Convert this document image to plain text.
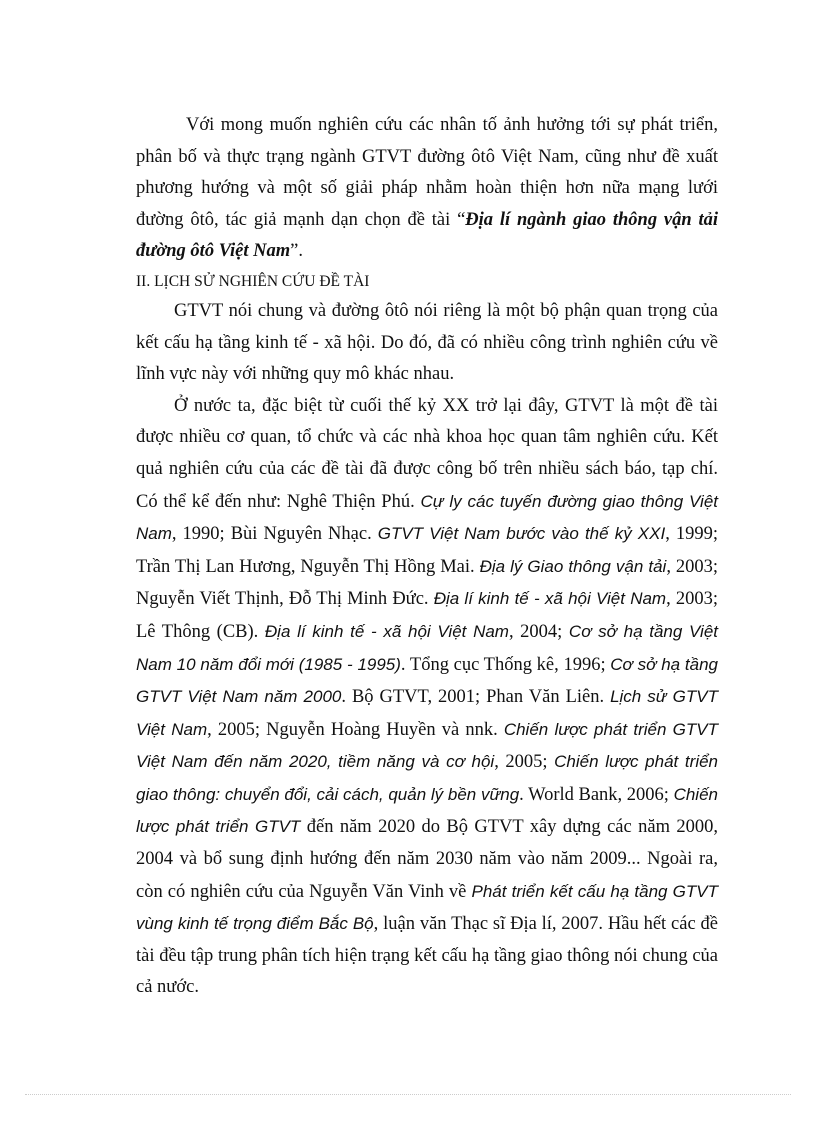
Với mong muốn nghiên cứu các nhân tố ảnh hưởng tới sự phát triển, phân bố và thực trạng ngành GTVT đường ôtô Việt Nam, cũng như đề xuất phương hướng và một số giải pháp nhằm hoàn thiện hơn nữa mạng lưới đường ôtô, tác giả mạnh dạn chọn đề tài “Địa lí ngành giao thông vận tải đường ôtô Việt Nam”.

II. LỊCH SỬ NGHIÊN CỨU ĐỀ TÀI

GTVT nói chung và đường ôtô nói riêng là một bộ phận quan trọng của kết cấu hạ tầng kinh tế - xã hội. Do đó, đã có nhiều công trình nghiên cứu về lĩnh vực này với những quy mô khác nhau.

Ở nước ta, đặc biệt từ cuối thế kỷ XX trở lại đây, GTVT là một đề tài được nhiều cơ quan, tổ chức và các nhà khoa học quan tâm nghiên cứu. Kết quả nghiên cứu của các đề tài đã được công bố trên nhiều sách báo, tạp chí. Có thể kể đến như: Nghê Thiện Phú. Cự ly các tuyến đường giao thông Việt Nam, 1990; Bùi Nguyên Nhạc. GTVT Việt Nam bước vào thế kỷ XXI, 1999; Trần Thị Lan Hương, Nguyễn Thị Hồng Mai. Địa lý Giao thông vận tải, 2003; Nguyễn Viết Thịnh, Đỗ Thị Minh Đức. Địa lí kinh tế - xã hội Việt Nam, 2003; Lê Thông (CB). Địa lí kinh tế - xã hội Việt Nam, 2004; Cơ sở hạ tầng Việt Nam 10 năm đổi mới (1985 - 1995). Tổng cục Thống kê, 1996; Cơ sở hạ tầng GTVT Việt Nam năm 2000. Bộ GTVT, 2001; Phan Văn Liên. Lịch sử GTVT Việt Nam, 2005; Nguyễn Hoàng Huyền và nnk. Chiến lược phát triển GTVT Việt Nam đến năm 2020, tiềm năng và cơ hội, 2005; Chiến lược phát triển giao thông: chuyển đổi, cải cách, quản lý bền vững. World Bank, 2006; Chiến lược phát triển GTVT đến năm 2020 do Bộ GTVT xây dựng các năm 2000, 2004 và bổ sung định hướng đến năm 2030 năm vào năm 2009... Ngoài ra, còn có nghiên cứu của Nguyễn Văn Vinh về Phát triển kết cấu hạ tầng GTVT vùng kinh tế trọng điểm Bắc Bộ, luận văn Thạc sĩ Địa lí, 2007. Hầu hết các đề tài đều tập trung phân tích hiện trạng kết cấu hạ tầng giao thông nói chung của cả nước.
